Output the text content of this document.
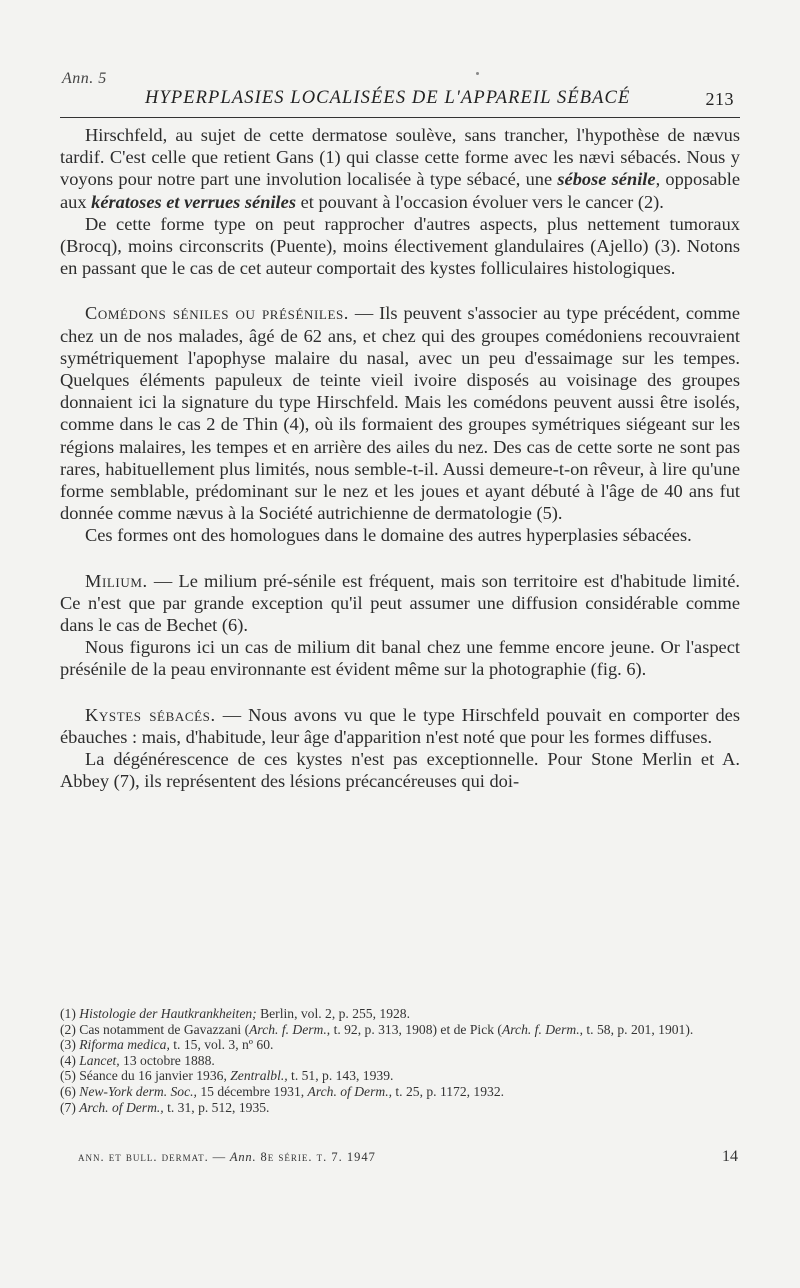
Ann. 5
HYPERPLASIES LOCALISÉES DE L'APPAREIL SÉBACÉ	213

Hirschfeld, au sujet de cette dermatose soulève, sans trancher, l'hypothèse de nævus tardif. C'est celle que retient Gans (1) qui classe cette forme avec les nævi sébacés. Nous y voyons pour notre part une involution localisée à type sébacé, une sébose sénile, opposable aux kératoses et verrues séniles et pouvant à l'occasion évoluer vers le cancer (2).

De cette forme type on peut rapprocher d'autres aspects, plus nettement tumoraux (Brocq), moins circonscrits (Puente), moins électivement glandulaires (Ajello) (3). Notons en passant que le cas de cet auteur comportait des kystes folliculaires histologiques.

Comédons séniles ou préséniles. — Ils peuvent s'associer au type précédent, comme chez un de nos malades, âgé de 62 ans, et chez qui des groupes comédoniens recouvraient symétriquement l'apophyse malaire du nasal, avec un peu d'essaimage sur les tempes. Quelques éléments papuleux de teinte vieil ivoire disposés au voisinage des groupes donnaient ici la signature du type Hirschfeld. Mais les comédons peuvent aussi être isolés, comme dans le cas 2 de Thin (4), où ils formaient des groupes symétriques siégeant sur les régions malaires, les tempes et en arrière des ailes du nez. Des cas de cette sorte ne sont pas rares, habituellement plus limités, nous semble-t-il. Aussi demeure-t-on rêveur, à lire qu'une forme semblable, prédominant sur le nez et les joues et ayant débuté à l'âge de 40 ans fut donnée comme nævus à la Société autrichienne de dermatologie (5).

Ces formes ont des homologues dans le domaine des autres hyperplasies sébacées.

Milium. — Le milium pré-sénile est fréquent, mais son territoire est d'habitude limité. Ce n'est que par grande exception qu'il peut assumer une diffusion considérable comme dans le cas de Bechet (6).

Nous figurons ici un cas de milium dit banal chez une femme encore jeune. Or l'aspect présénile de la peau environnante est évident même sur la photographie (fig. 6).

Kystes sébacés. — Nous avons vu que le type Hirschfeld pouvait en comporter des ébauches : mais, d'habitude, leur âge d'apparition n'est noté que pour les formes diffuses.

La dégénérescence de ces kystes n'est pas exceptionnelle. Pour Stone Merlin et A. Abbey (7), ils représentent des lésions précancéreuses qui doi-

(1) Histologie der Hautkrankheiten; Berlin, vol. 2, p. 255, 1928.

(2) Cas notamment de Gavazzani (Arch. f. Derm., t. 92, p. 313, 1908) et de Pick (Arch. f. Derm., t. 58, p. 201, 1901).

(3) Riforma medica, t. 15, vol. 3, nº 60.

(4) Lancet, 13 octobre 1888.

(5) Séance du 16 janvier 1936, Zentralbl., t. 51, p. 143, 1939.

(6) New-York derm. Soc., 15 décembre 1931, Arch. of Derm., t. 25, p. 1172, 1932.

(7) Arch. of Derm., t. 31, p. 512, 1935.

ann. et bull. dermat. — Ann. 8e série. t. 7. 1947	14
